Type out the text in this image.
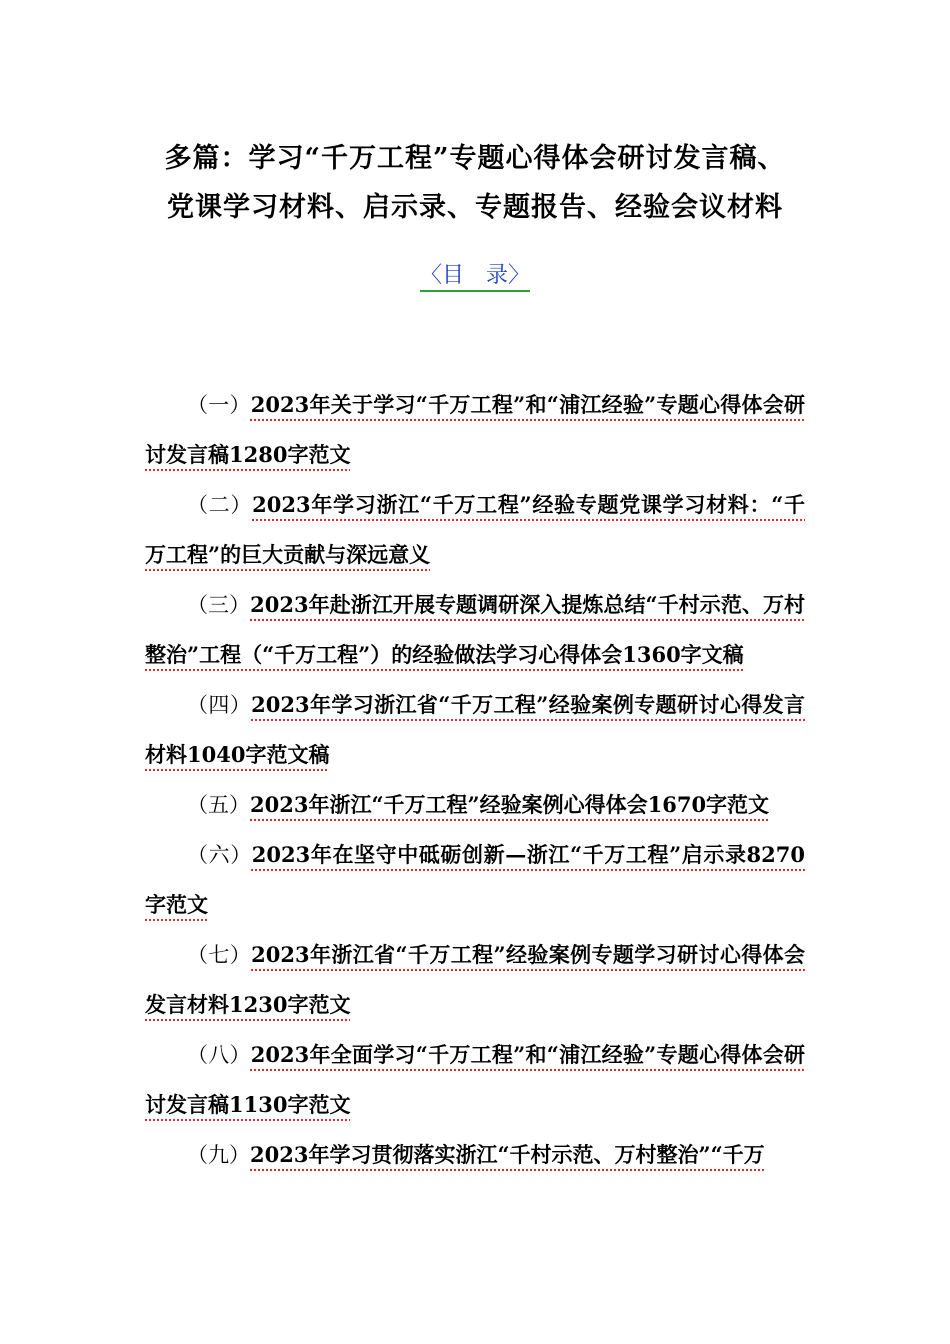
多篇：学习“千万工程”专题心得体会研讨发言稿、
党课学习材料、启示录、专题报告、经验会议材料
〈目　录〉
（一）2023年关于学习“千万工程”和“浦江经验”专题心得体会研讨发言稿1280字范文
（二）2023年学习浙江“千万工程”经验专题党课学习材料：“千万工程”的巨大贡献与深远意义
（三）2023年赴浙江开展专题调研深入提炼总结“千村示范、万村整治”工程（“千万工程”）的经验做法学习心得体会1360字文稿
（四）2023年学习浙江省“千万工程”经验案例专题研讨心得发言材料1040字范文稿
（五）2023年浙江“千万工程”经验案例心得体会1670字范文
（六）2023年在坚守中砥砺创新—浙江“千万工程”启示录8270字范文
（七）2023年浙江省“千万工程”经验案例专题学习研讨心得体会发言材料1230字范文
（八）2023年全面学习“千万工程”和“浦江经验”专题心得体会研讨发言稿1130字范文
（九）2023年学习贯彻落实浙江“千村示范、万村整治”“千万
